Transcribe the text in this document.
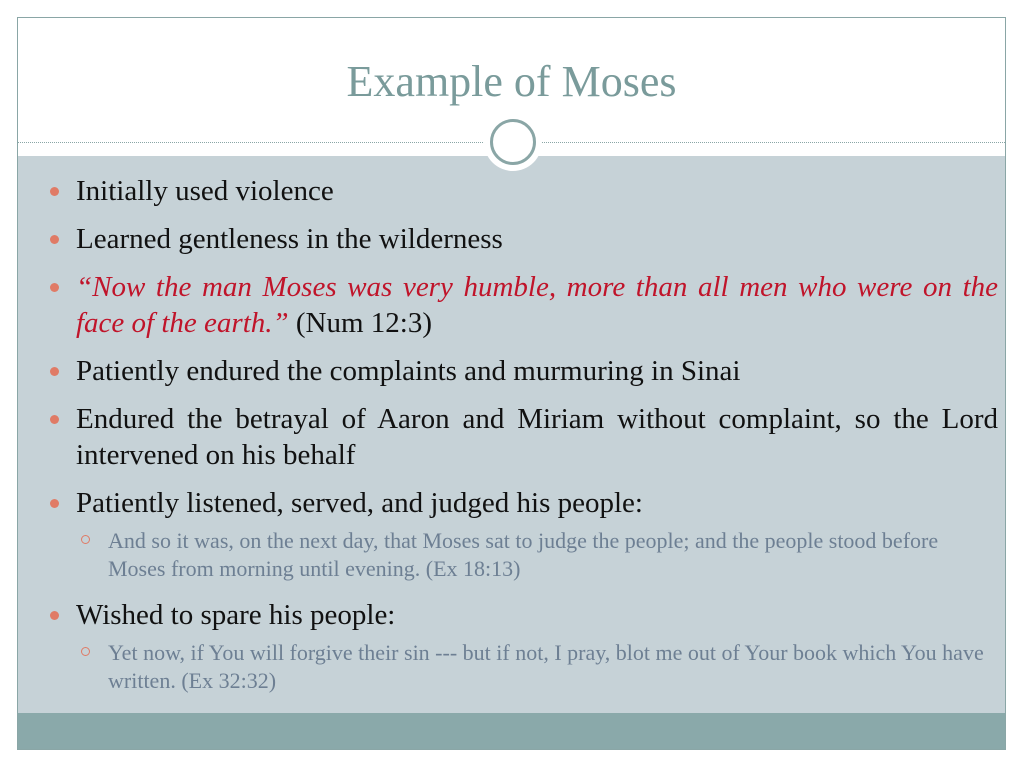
Example of Moses
Initially used violence
Learned gentleness in the wilderness
“Now the man Moses was very humble, more than all men who were on the face of the earth.” (Num 12:3)
Patiently endured the complaints and murmuring in Sinai
Endured the betrayal of Aaron and Miriam without complaint, so the Lord intervened on his behalf
Patiently listened, served, and judged his people:
And so it was, on the next day, that Moses sat to judge the people; and the people stood before Moses from morning until evening. (Ex 18:13)
Wished to spare his people:
Yet now, if You will forgive their sin --- but if not, I pray, blot me out of Your book which You have written. (Ex 32:32)
